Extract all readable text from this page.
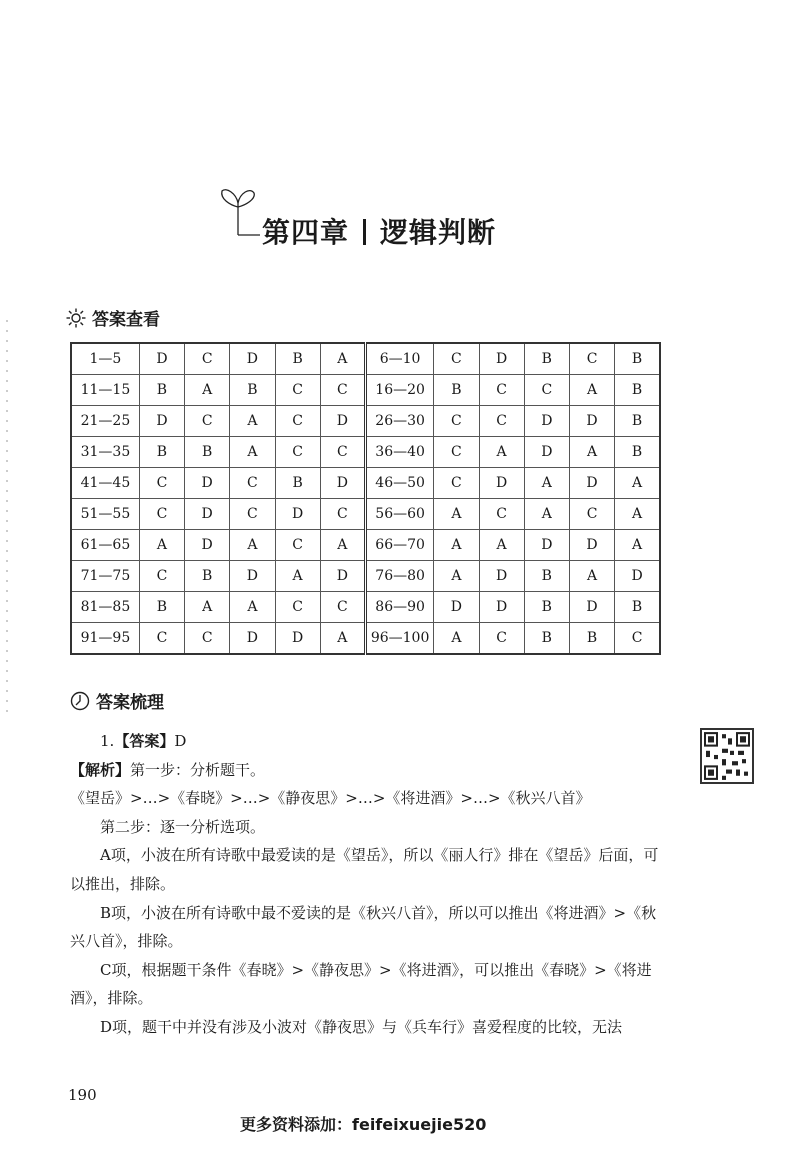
第四章 逻辑判断
答案查看
1—5	D	C	D	B	A	6—10	C	D	B	C	B
11—15	B	A	B	C	C	16—20	B	C	C	A	B
21—25	D	C	A	C	D	26—30	C	C	D	D	B
31—35	B	B	A	C	C	36—40	C	A	D	A	B
41—45	C	D	C	B	D	46—50	C	D	A	D	A
51—55	C	D	C	D	C	56—60	A	C	A	C	A
61—65	A	D	A	C	A	66—70	A	A	D	D	A
71—75	C	B	D	A	D	76—80	A	D	B	A	D
81—85	B	A	A	C	C	86—90	D	D	B	D	B
91—95	C	C	D	D	A	96—100	A	C	B	B	C
答案梳理

1.【答案】D

【解析】第一步：分析题干。

《望岳》>…>《春晓》>…>《静夜思》>…>《将进酒》>…>《秋兴八首》

第二步：逐一分析选项。

A项，小波在所有诗歌中最爱读的是《望岳》，所以《丽人行》排在《望岳》后面，可以推出，排除。

B项，小波在所有诗歌中最不爱读的是《秋兴八首》，所以可以推出《将进酒》>《秋兴八首》，排除。

C项，根据题干条件《春晓》>《静夜思》>《将进酒》，可以推出《春晓》>《将进酒》，排除。

D项，题干中并没有涉及小波对《静夜思》与《兵车行》喜爱程度的比较，无法

190
更多资料添加：feifeixuejie520
